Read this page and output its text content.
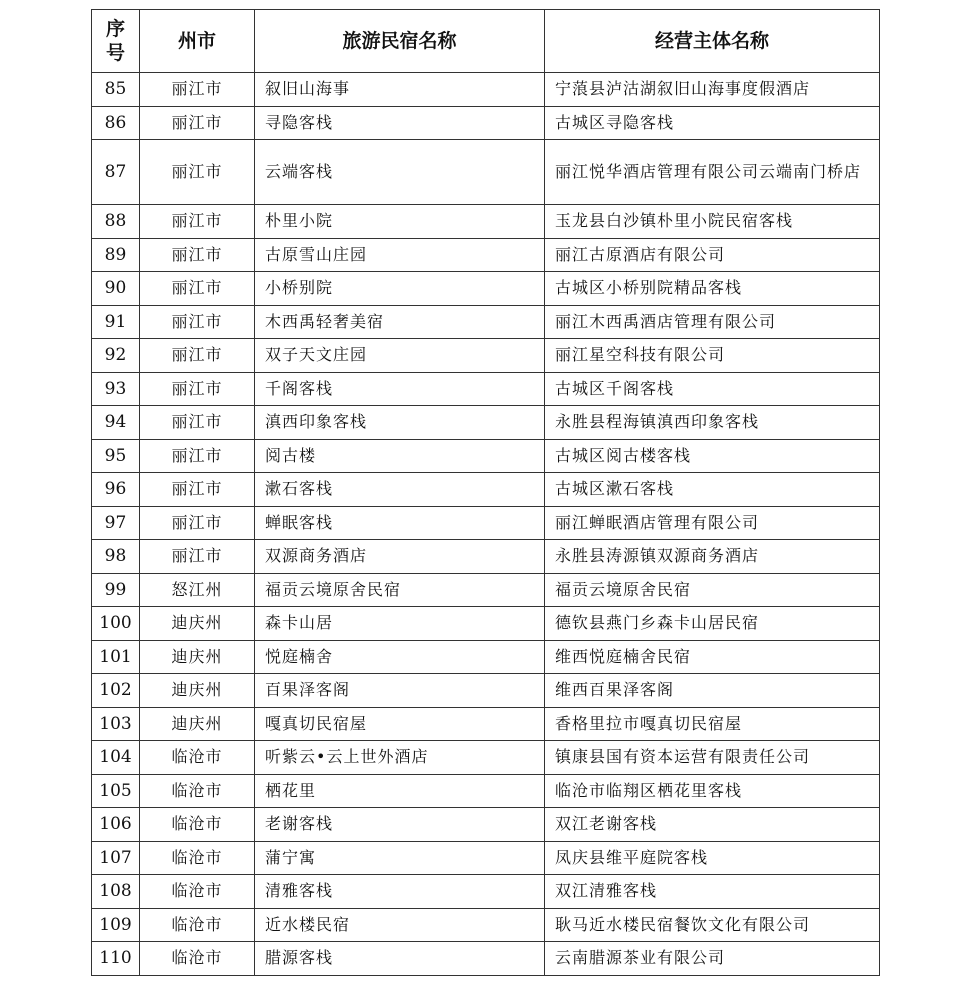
序
号	州市	旅游民宿名称	经营主体名称
85	丽江市	叙旧山海事	宁蒗县泸沽湖叙旧山海事度假酒店
86	丽江市	寻隐客栈	古城区寻隐客栈
87	丽江市	云端客栈	丽江悦华酒店管理有限公司云端南门桥店
88	丽江市	朴里小院	玉龙县白沙镇朴里小院民宿客栈
89	丽江市	古原雪山庄园	丽江古原酒店有限公司
90	丽江市	小桥别院	古城区小桥别院精品客栈
91	丽江市	木西禹轻奢美宿	丽江木西禹酒店管理有限公司
92	丽江市	双子天文庄园	丽江星空科技有限公司
93	丽江市	千阁客栈	古城区千阁客栈
94	丽江市	滇西印象客栈	永胜县程海镇滇西印象客栈
95	丽江市	阅古楼	古城区阅古楼客栈
96	丽江市	漱石客栈	古城区漱石客栈
97	丽江市	蝉眠客栈	丽江蝉眠酒店管理有限公司
98	丽江市	双源商务酒店	永胜县涛源镇双源商务酒店
99	怒江州	福贡云境原舍民宿	福贡云境原舍民宿
100	迪庆州	森卡山居	德钦县燕门乡森卡山居民宿
101	迪庆州	悦庭楠舍	维西悦庭楠舍民宿
102	迪庆州	百果泽客阁	维西百果泽客阁
103	迪庆州	嘎真切民宿屋	香格里拉市嘎真切民宿屋
104	临沧市	听紫云•云上世外酒店	镇康县国有资本运营有限责任公司
105	临沧市	栖花里	临沧市临翔区栖花里客栈
106	临沧市	老谢客栈	双江老谢客栈
107	临沧市	蒲宁寓	凤庆县维平庭院客栈
108	临沧市	清雅客栈	双江清雅客栈
109	临沧市	近水楼民宿	耿马近水楼民宿餐饮文化有限公司
110	临沧市	腊源客栈	云南腊源茶业有限公司
